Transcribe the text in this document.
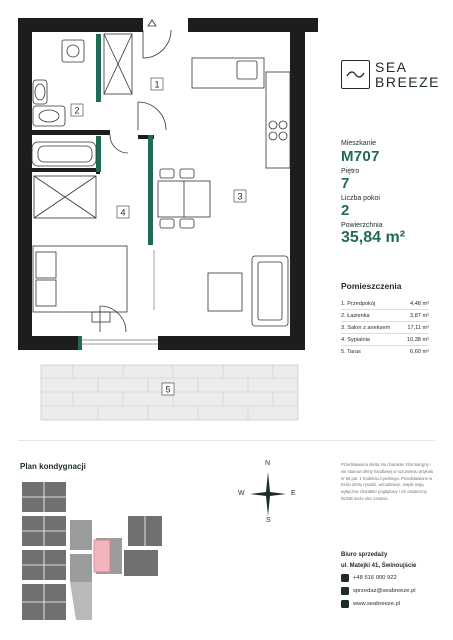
1
2
3
4
5
SEA
BREEZE
Mieszkanie
M707
Piętro
7
Liczba pokoi
2
Powierzchnia
35,84 m²
Pomieszczenia
1. Przedpokój	4,48 m²
2. Łazienka	3,87 m²
3. Salon z aneksem	17,11 m²
4. Sypialnia	10,38 m²
5. Taras	6,60 m²
Plan kondygnacji	N
S
W	E
Przedstawiona oferta ma charakter informacyjny i nie stanowi oferty handlowej w rozumieniu artykułu nr 66 par. 1 Kodeksu Cywilnego. Przedstawione w treści oferty rysunki, wizualizacje, mapki mają wyłącznie charakter poglądowy i ich ostateczny kształt może ulec zmianie.
Biuro sprzedaży
ul. Matejki 41, Świnoujście
+48 516 000 922
sprzedaz@seabreeze.pl
www.seabreeze.pl
